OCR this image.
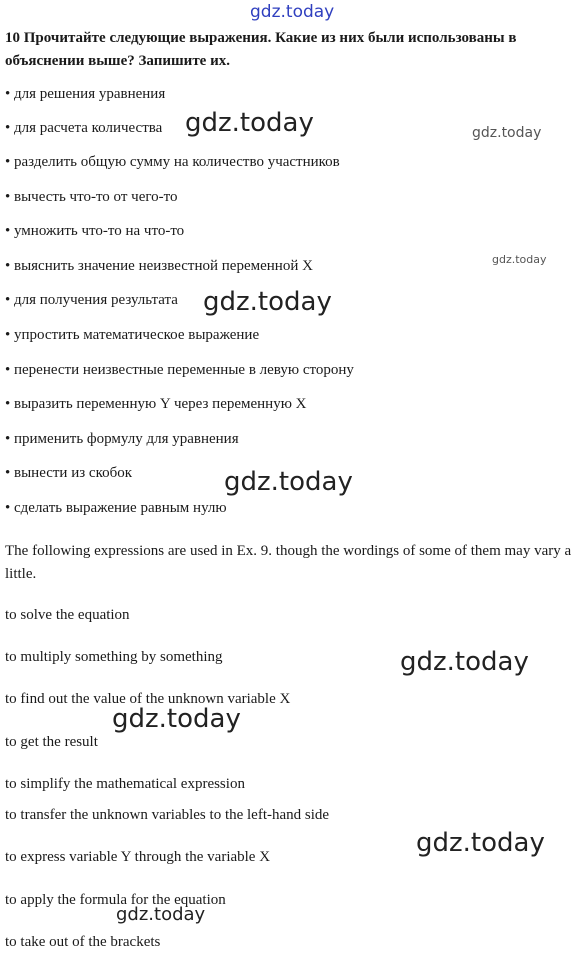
gdz.today
10 Прочитайте следующие выражения. Какие из них были использованы в объяснении выше? Запишите их.
• для решения уравнения
• для расчета количества
• разделить общую сумму на количество участников
• вычесть что-то от чего-то
• умножить что-то на что-то
• выяснить значение неизвестной переменной X
• для получения результата
• упростить математическое выражение
• перенести неизвестные переменные в левую сторону
• выразить переменную Y через переменную X
• применить формулу для уравнения
• вынести из скобок
• сделать выражение равным нулю
The following expressions are used in Ex. 9. though the wordings of some of them may vary a little.
to solve the equation
to multiply something by something
to find out the value of the unknown variable X
to get the result
to simplify the mathematical expression
to transfer the unknown variables to the left-hand side
to express variable Y through the variable X
to apply the formula for the equation
to take out of the brackets
gdz.today	gdz.today
gdz.today
gdz.today
gdz.today
gdz.today
gdz.today
gdz.today
gdz.today
